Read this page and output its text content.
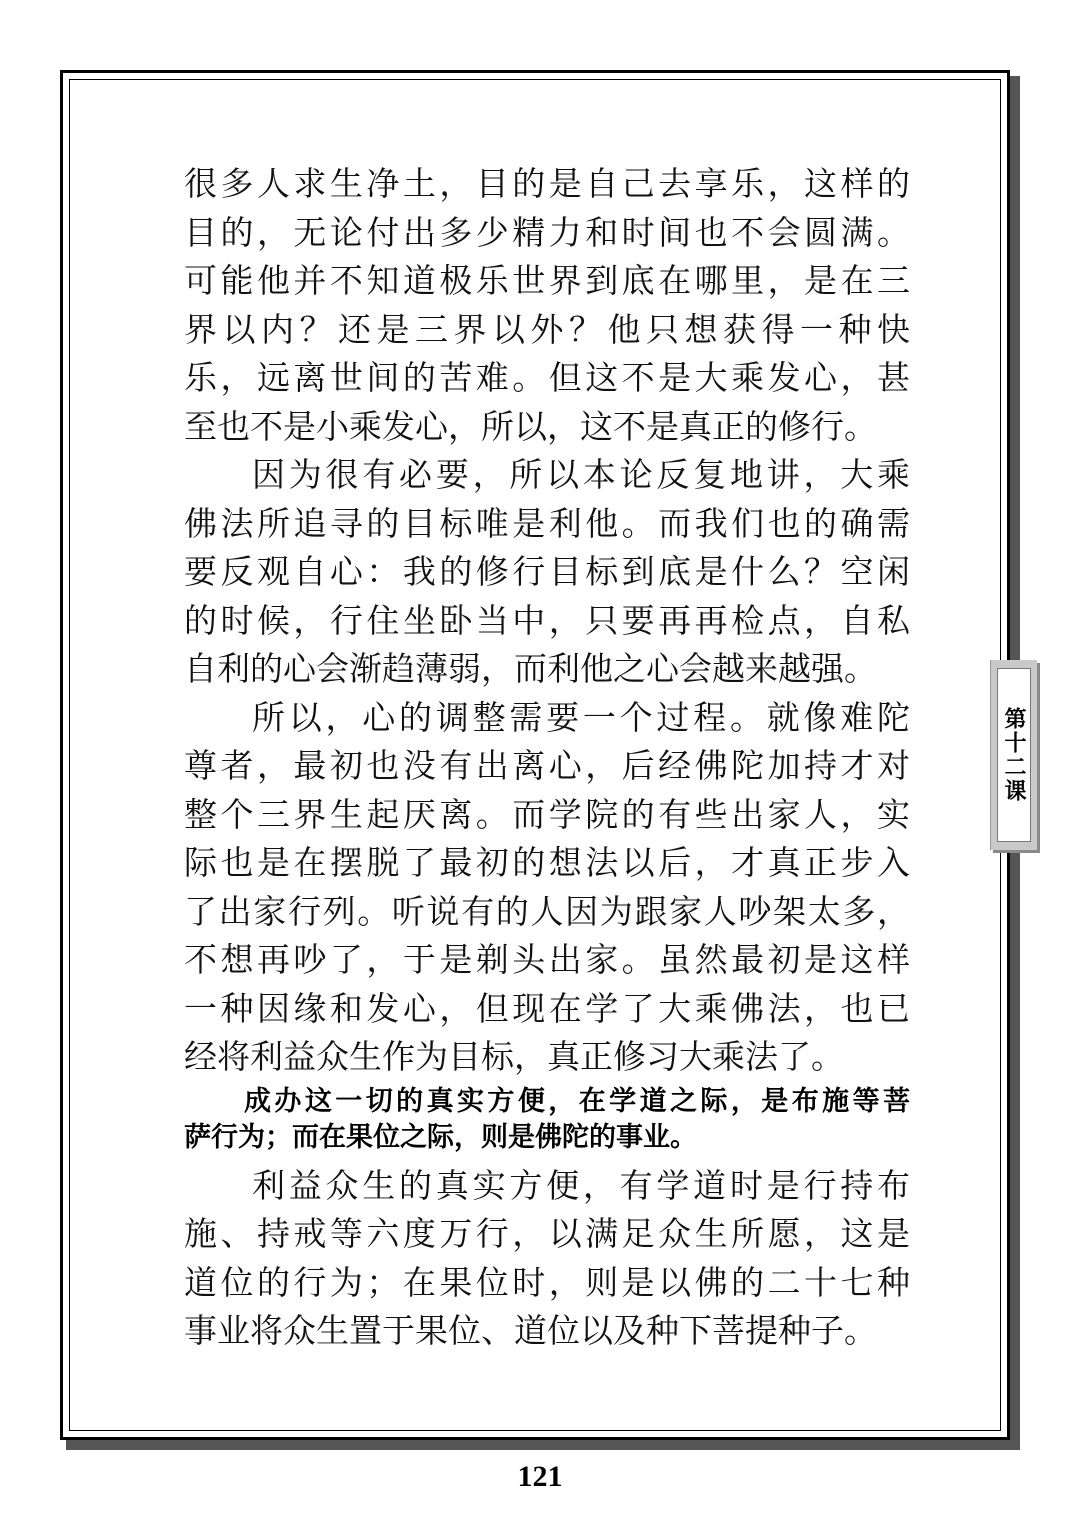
很多人求生净土，目的是自己去享乐，这样的

目的，无论付出多少精力和时间也不会圆满。

可能他并不知道极乐世界到底在哪里，是在三

界以内？还是三界以外？他只想获得一种快

乐，远离世间的苦难。但这不是大乘发心，甚

至也不是小乘发心，所以，这不是真正的修行。

因为很有必要，所以本论反复地讲，大乘

佛法所追寻的目标唯是利他。而我们也的确需

要反观自心：我的修行目标到底是什么？空闲

的时候，行住坐卧当中，只要再再检点，自私

自利的心会渐趋薄弱，而利他之心会越来越强。

所以，心的调整需要一个过程。就像难陀

尊者，最初也没有出离心，后经佛陀加持才对

整个三界生起厌离。而学院的有些出家人，实

际也是在摆脱了最初的想法以后，才真正步入

了出家行列。听说有的人因为跟家人吵架太多，

不想再吵了，于是剃头出家。虽然最初是这样

一种因缘和发心，但现在学了大乘佛法，也已

经将利益众生作为目标，真正修习大乘法了。

成办这一切的真实方便，在学道之际，是布施等菩

萨行为；而在果位之际，则是佛陀的事业。

利益众生的真实方便，有学道时是行持布

施、持戒等六度万行，以满足众生所愿，这是

道位的行为；在果位时，则是以佛的二十七种

事业将众生置于果位、道位以及种下菩提种子。

第十二课
121
